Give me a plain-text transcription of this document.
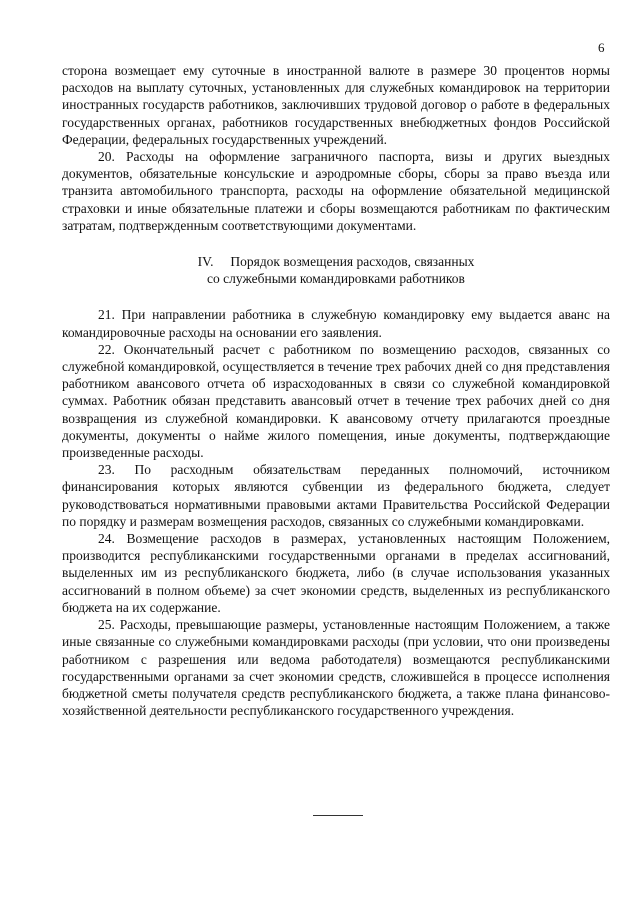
6

сторона возмещает ему суточные в иностранной валюте в размере 30 процентов нормы расходов на выплату суточных, установленных для служебных командировок на территории иностранных государств работников, заключивших трудовой договор о работе в федеральных государственных органах, работников государственных внебюджетных фондов Российской Федерации, федеральных государственных учреждений.

20. Расходы на оформление заграничного паспорта, визы и других выездных документов, обязательные консульские и аэродромные сборы, сборы за право въезда или транзита автомобильного транспорта, расходы на оформление обязательной медицинской страховки и иные обязательные платежи и сборы возмещаются работникам по фактическим затратам, подтвержденным соответствующими документами.

IV. Порядок возмещения расходов, связанных
со служебными командировками работников

21. При направлении работника в служебную командировку ему выдается аванс на командировочные расходы на основании его заявления.

22. Окончательный расчет с работником по возмещению расходов, связанных со служебной командировкой, осуществляется в течение трех рабочих дней со дня представления работником авансового отчета об израсходованных в связи со служебной командировкой суммах. Работник обязан представить авансовый отчет в течение трех рабочих дней со дня возвращения из служебной командировки. К авансовому отчету прилагаются проездные документы, документы о найме жилого помещения, иные документы, подтверждающие произведенные расходы.

23. По расходным обязательствам переданных полномочий, источником финансирования которых являются субвенции из федерального бюджета, следует руководствоваться нормативными правовыми актами Правительства Российской Федерации по порядку и размерам возмещения расходов, связанных со служебными командировками.

24. Возмещение расходов в размерах, установленных настоящим Положением, производится республиканскими государственными органами в пределах ассигнований, выделенных им из республиканского бюджета, либо (в случае использования указанных ассигнований в полном объеме) за счет экономии средств, выделенных из республиканского бюджета на их содержание.

25. Расходы, превышающие размеры, установленные настоящим Положением, а также иные связанные со служебными командировками расходы (при условии, что они произведены работником с разрешения или ведома работодателя) возмещаются республиканскими государственными органами за счет экономии средств, сложившейся в процессе исполнения бюджетной сметы получателя средств республиканского бюджета, а также плана финансово-хозяйственной деятельности республиканского государственного учреждения.
